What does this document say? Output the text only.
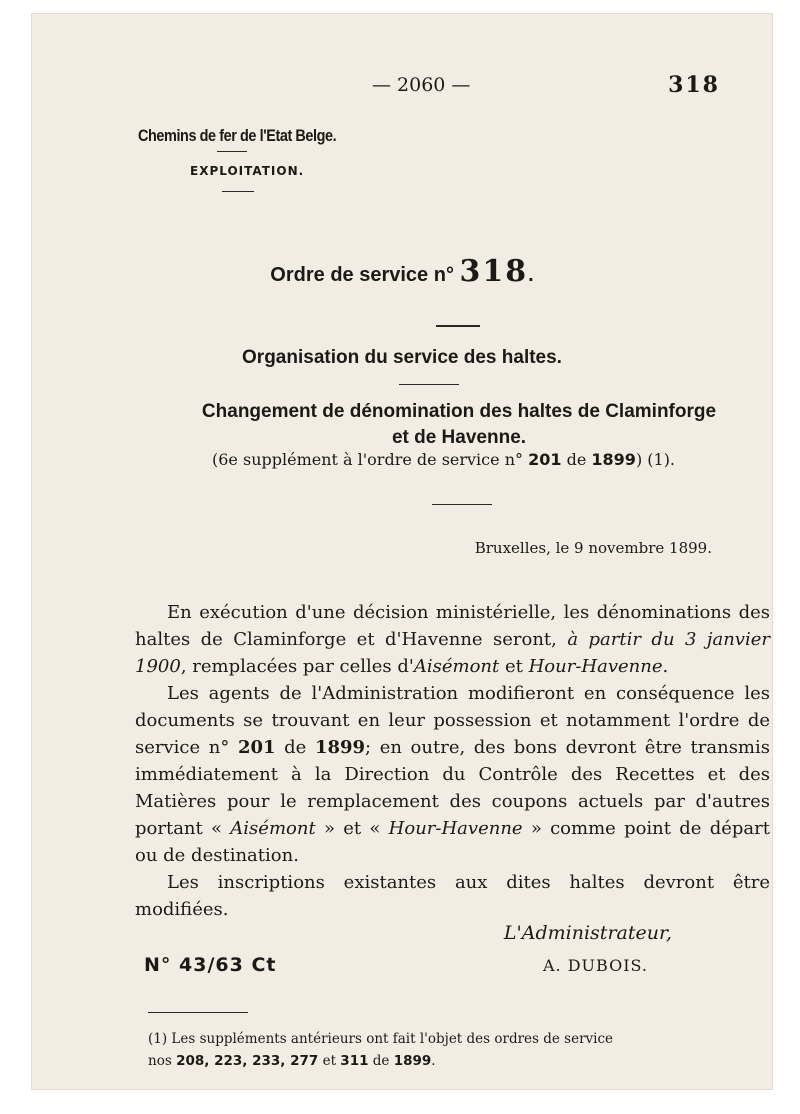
— 2060 —	318
Chemins de fer de l'Etat Belge.
EXPLOITATION.
Ordre de service n° 318.
Organisation du service des haltes.
Changement de dénomination des haltes de Claminforge
et de Havenne.
(6e supplément à l'ordre de service n° 201 de 1899) (1).
Bruxelles, le 9 novembre 1899.

En exécution d'une décision ministérielle, les dénominations des haltes de Claminforge et d'Havenne seront, à partir du 3 janvier 1900, remplacées par celles d'Aisémont et Hour-Havenne.

Les agents de l'Administration modifieront en conséquence les documents se trouvant en leur possession et notamment l'ordre de service n° 201 de 1899; en outre, des bons devront être transmis immédiatement à la Direction du Contrôle des Recettes et des Matières pour le remplacement des coupons actuels par d'autres portant « Aisémont » et « Hour-Havenne » comme point de départ ou de destination.

Les inscriptions existantes aux dites haltes devront être modifiées.

L'Administrateur,
N° 43/63 Ct	A. DUBOIS.
(1) Les suppléments antérieurs ont fait l'objet des ordres de service
nos 208, 223, 233, 277 et 311 de 1899.
